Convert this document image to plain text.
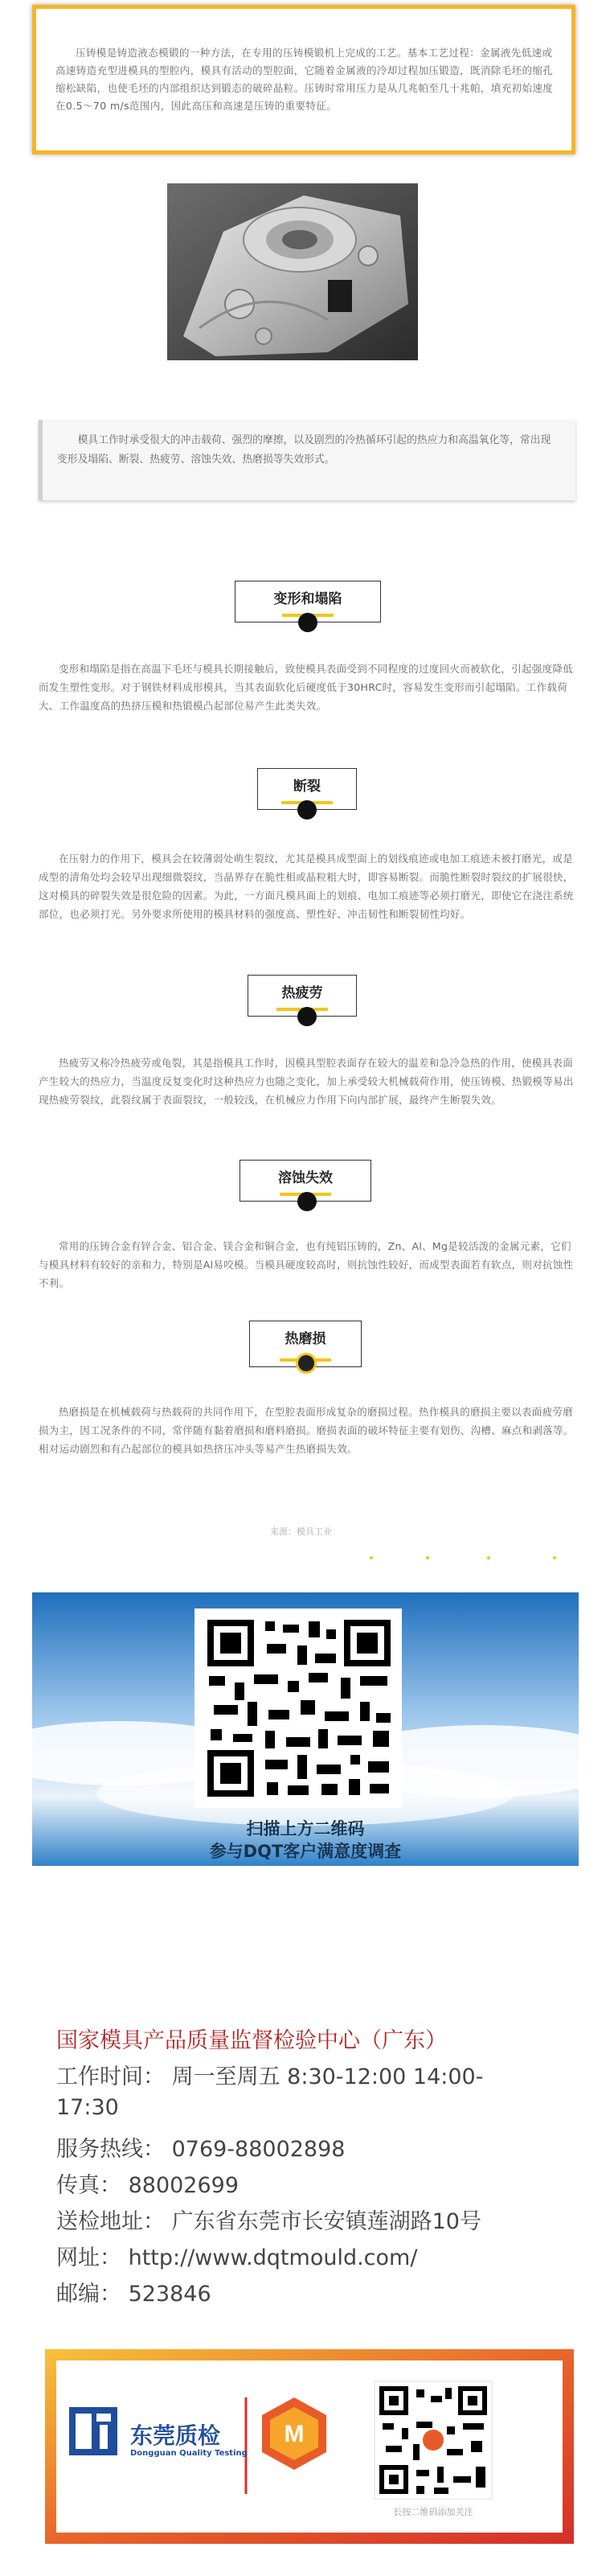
压铸模是铸造液态模锻的一种方法，在专用的压铸模锻机上完成的工艺。基本工艺过程：金属液先低速或高速铸造充型进模具的型腔内，模具有活动的型腔面，它随着金属液的冷却过程加压锻造，既消除毛坯的缩孔缩松缺陷，也使毛坯的内部组织达到锻态的破碎晶粒。压铸时常用压力是从几兆帕至几十兆帕，填充初始速度在0.5～70 m/s范围内，因此高压和高速是压铸的重要特征。
模具工作时承受很大的冲击载荷、强烈的摩擦，以及剧烈的冷热循环引起的热应力和高温氧化等，常出现变形及塌陷、断裂、热疲劳、溶蚀失效、热磨损等失效形式。
变形和塌陷
变形和塌陷是指在高温下毛坯与模具长期接触后，致使模具表面受到不同程度的过度回火而被软化，引起强度降低而发生塑性变形。对于钢铁材料成形模具，当其表面软化后硬度低于30HRC时，容易发生变形而引起塌陷。工作载荷大、工作温度高的热挤压模和热锻模凸起部位易产生此类失效。
断裂
在压射力的作用下，模具会在较薄弱处萌生裂纹，尤其是模具成型面上的划线痕迹或电加工痕迹未被打磨光，或是成型的清角处均会较早出现细微裂纹，当晶界存在脆性相或晶粒粗大时，即容易断裂。而脆性断裂时裂纹的扩展很快，这对模具的碎裂失效是很危险的因素。为此，一方面凡模具面上的划痕、电加工痕迹等必须打磨光，即使它在浇注系统部位，也必须打光。另外要求所使用的模具材料的强度高、塑性好、冲击韧性和断裂韧性均好。
热疲劳
热疲劳又称冷热疲劳或龟裂，其是指模具工作时，因模具型腔表面存在较大的温差和急冷急热的作用，使模具表面产生较大的热应力，当温度反复变化时这种热应力也随之变化，加上承受较大机械载荷作用，使压铸模、热锻模等易出现热疲劳裂纹，此裂纹属于表面裂纹，一般较浅，在机械应力作用下向内部扩展，最终产生断裂失效。
溶蚀失效
常用的压铸合金有锌合金、铝合金、镁合金和铜合金，也有纯铝压铸的，Zn、Al、Mg是较活泼的金属元素，它们与模具材料有较好的亲和力，特别是Al易咬模。当模具硬度较高时，则抗蚀性较好，而成型表面若有软点，则对抗蚀性不利。
热磨损
热磨损是在机械载荷与热载荷的共同作用下，在型腔表面形成复杂的磨损过程。热作模具的磨损主要以表面疲劳磨损为主，因工况条件的不同，常伴随有黏着磨损和磨料磨损。磨损表面的破坏特征主要有划伤、沟槽、麻点和剥落等。相对运动剧烈和有凸起部位的模具如热挤压冲头等易产生热磨损失效。
来源：模具工业
扫描上方二维码
参与DQT客户满意度调查
国家模具产品质量监督检验中心（广东）
工作时间： 周一至周五 8:30-12:00 14:00-
17:30
服务热线： 0769-88002898
传真： 88002699
送检地址： 广东省东莞市长安镇莲湖路10号
网址： http://www.dqtmould.com/
邮编： 523846
M
东莞质检
Dongguan Quality Testing
长按二维码添加关注
